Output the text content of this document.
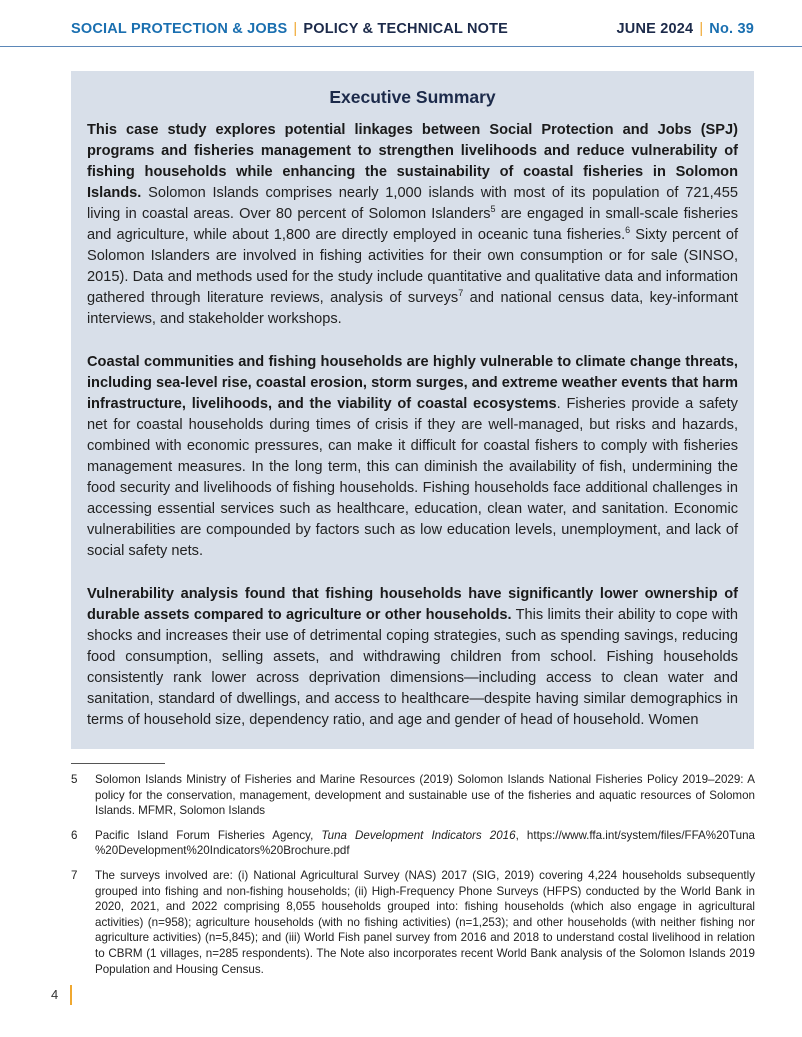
SOCIAL PROTECTION & JOBS | POLICY & TECHNICAL NOTE	JUNE 2024 | No. 39
Executive Summary

This case study explores potential linkages between Social Protection and Jobs (SPJ) programs and fisheries management to strengthen livelihoods and reduce vulnerability of fishing households while enhancing the sustainability of coastal fisheries in Solomon Islands. Solomon Islands comprises nearly 1,000 islands with most of its population of 721,455 living in coastal areas. Over 80 percent of Solomon Islanders$^5$ are engaged in small-scale fisheries and agriculture, while about 1,800 are directly employed in oceanic tuna fisheries.$^6$ Sixty percent of Solomon Islanders are involved in fishing activities for their own consumption or for sale (SINSO, 2015). Data and methods used for the study include quantitative and qualitative data and information gathered through literature reviews, analysis of surveys$^7$ and national census data, key-informant interviews, and stakeholder workshops.

Coastal communities and fishing households are highly vulnerable to climate change threats, including sea-level rise, coastal erosion, storm surges, and extreme weather events that harm infrastructure, livelihoods, and the viability of coastal ecosystems. Fisheries provide a safety net for coastal households during times of crisis if they are well-managed, but risks and hazards, combined with economic pressures, can make it difficult for coastal fishers to comply with fisheries management measures. In the long term, this can diminish the availability of fish, undermining the food security and livelihoods of fishing households. Fishing households face additional challenges in accessing essential services such as healthcare, education, clean water, and sanitation. Economic vulnerabilities are compounded by factors such as low education levels, unemployment, and lack of social safety nets.

Vulnerability analysis found that fishing households have significantly lower ownership of durable assets compared to agriculture or other households. This limits their ability to cope with shocks and increases their use of detrimental coping strategies, such as spending savings, reducing food consumption, selling assets, and withdrawing children from school. Fishing households consistently rank lower across deprivation dimensions—including access to clean water and sanitation, standard of dwellings, and access to healthcare—despite having similar demographics in terms of household size, dependency ratio, and age and gender of head of household. Women

5 Solomon Islands Ministry of Fisheries and Marine Resources (2019) Solomon Islands National Fisheries Policy 2019–2029: A policy for the conservation, management, development and sustainable use of the fisheries and aquatic resources of Solomon Islands. MFMR, Solomon Islands
6 Pacific Island Forum Fisheries Agency, Tuna Development Indicators 2016, https://www.ffa.int/system/files/FFA%20Tuna %20Development%20Indicators%20Brochure.pdf
7 The surveys involved are: (i) National Agricultural Survey (NAS) 2017 (SIG, 2019) covering 4,224 households subsequently grouped into fishing and non-fishing households; (ii) High-Frequency Phone Surveys (HFPS) conducted by the World Bank in 2020, 2021, and 2022 comprising 8,055 households grouped into: fishing households (which also engage in agricultural activities) (n=958); agriculture households (with no fishing activities) (n=1,253); and other households (with neither fishing nor agriculture activities) (n=5,845); and (iii) World Fish panel survey from 2016 and 2018 to understand costal livelihood in relation to CBRM (1 villages, n=285 respondents). The Note also incorporates recent World Bank analysis of the Solomon Islands 2019 Population and Housing Census.
4
